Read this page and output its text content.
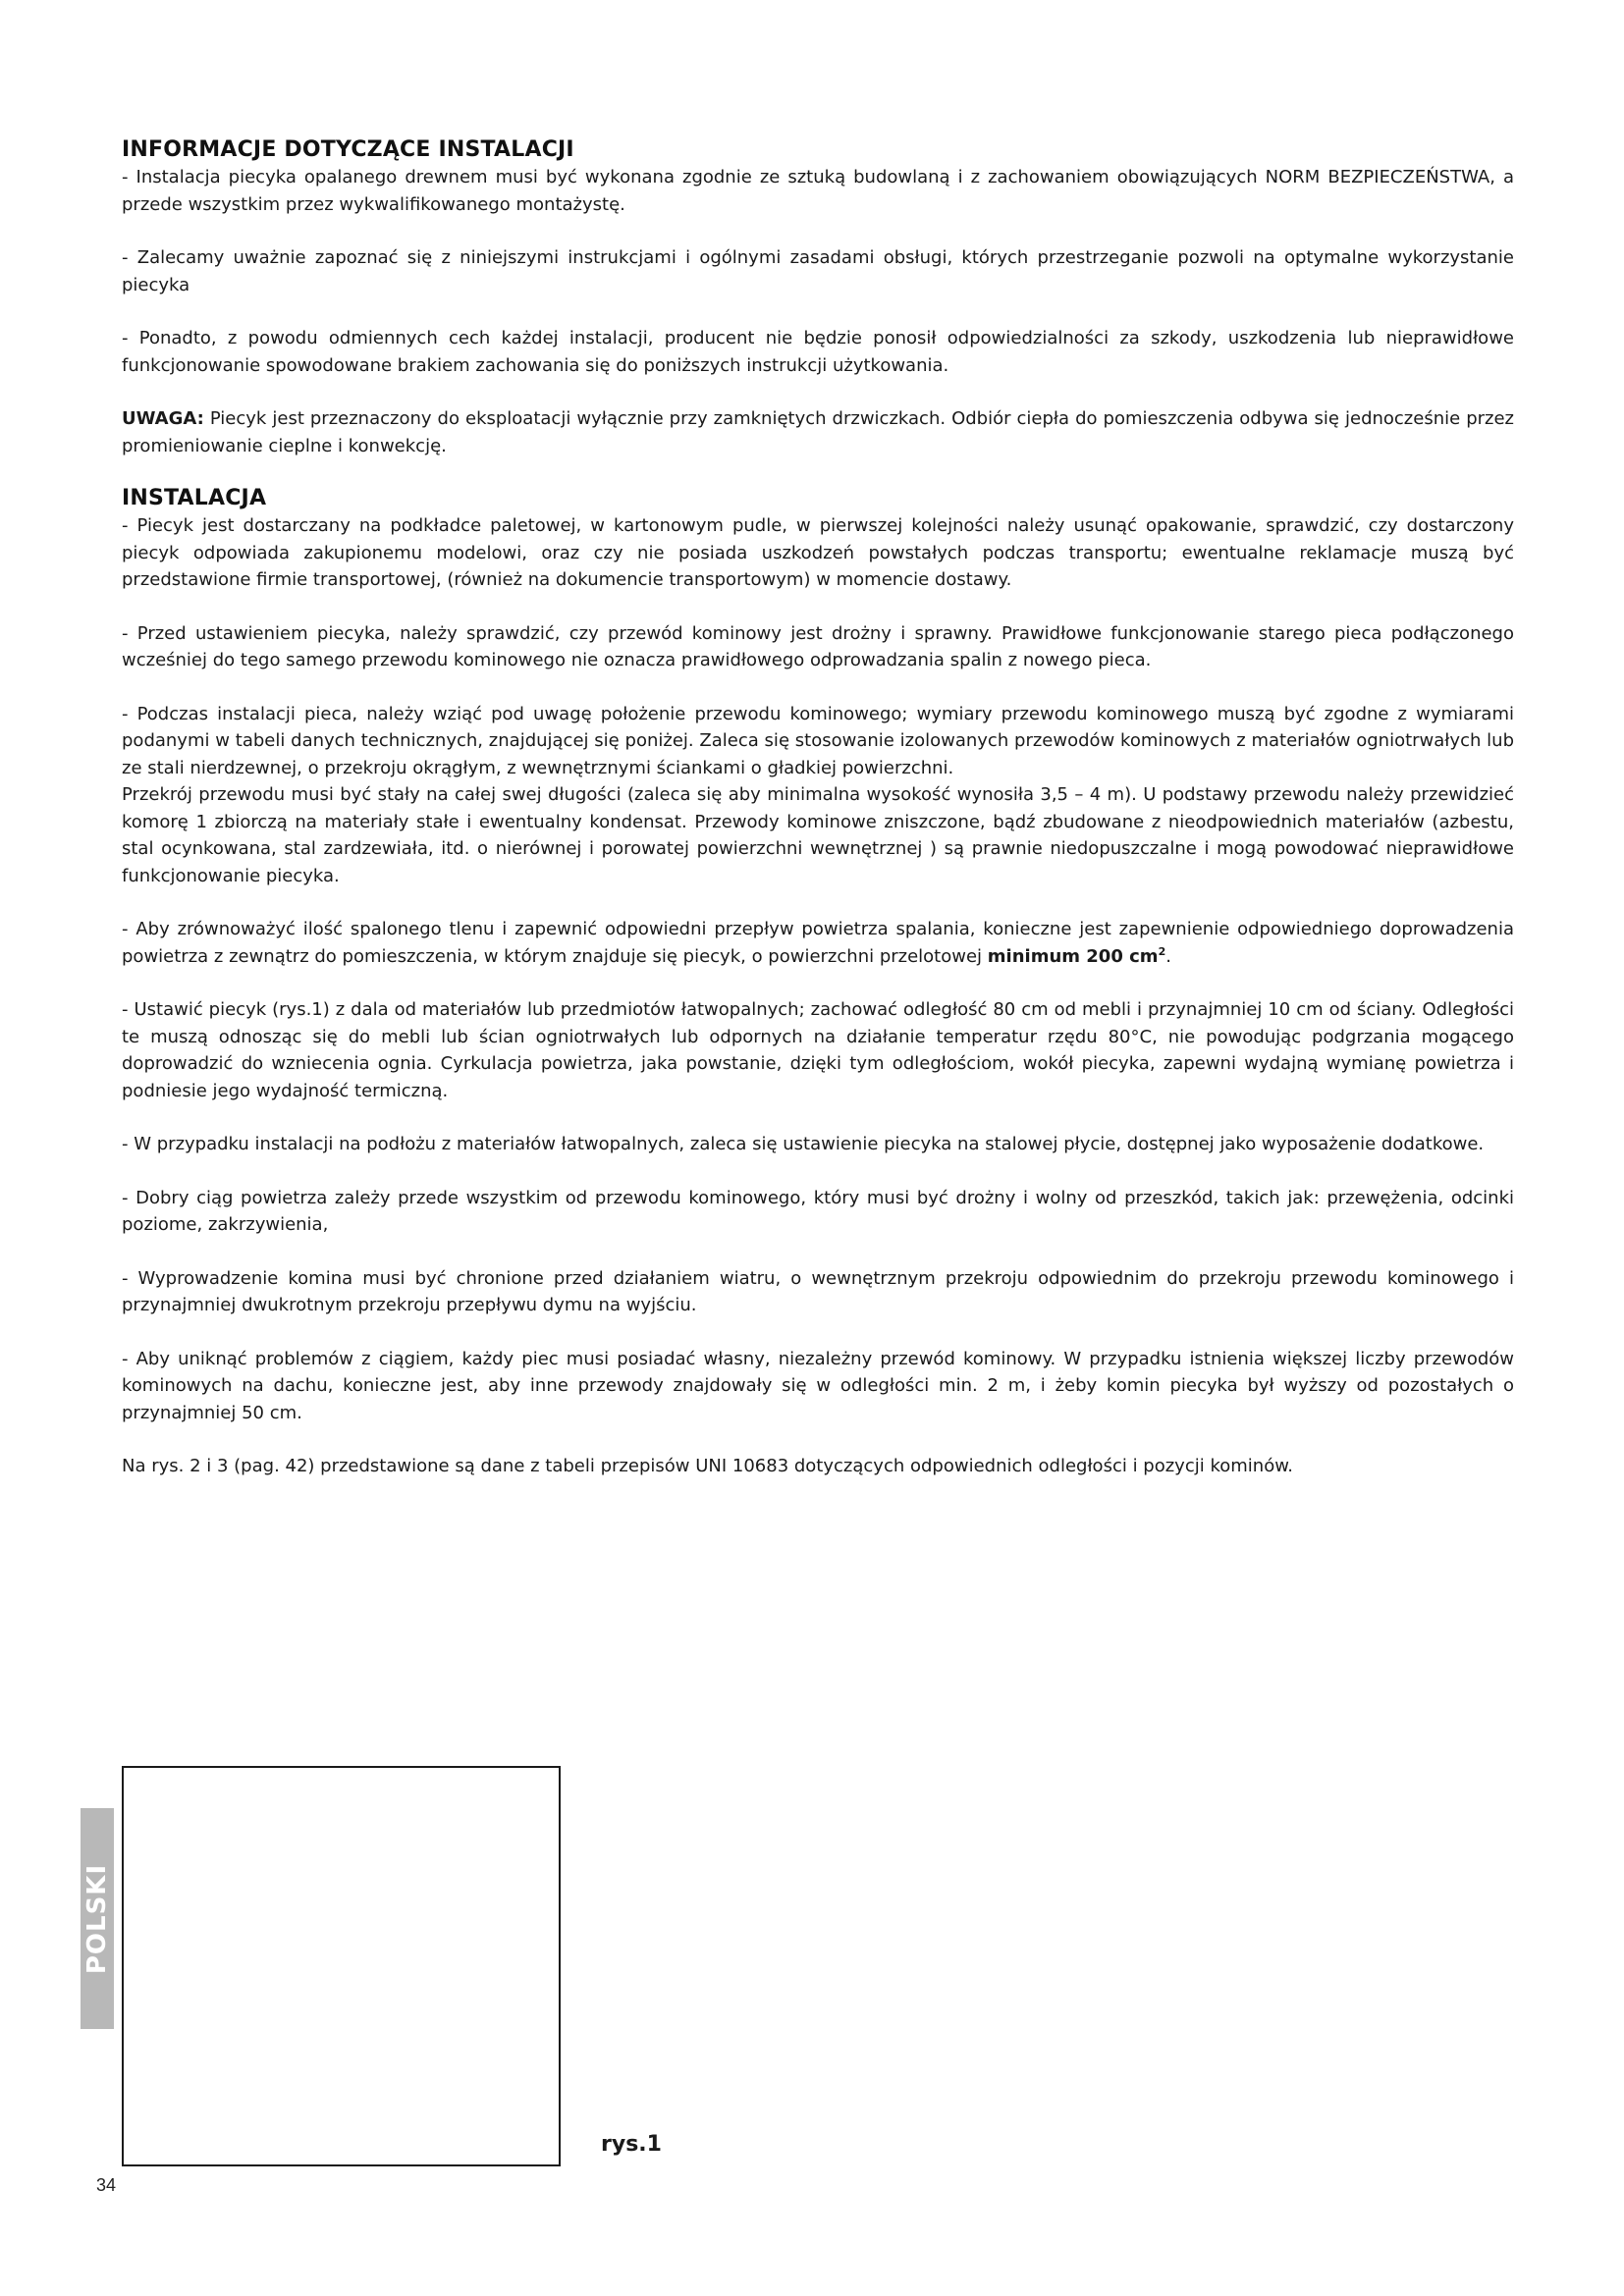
INFORMACJE DOTYCZĄCE INSTALACJI

- Instalacja piecyka opalanego drewnem musi być wykonana zgodnie ze sztuką budowlaną i z zachowaniem obowiązujących NORM BEZPIECZEŃSTWA, a przede wszystkim przez wykwalifikowanego montażystę.

- Zalecamy uważnie zapoznać się z niniejszymi instrukcjami i ogólnymi zasadami obsługi, których przestrzeganie pozwoli na optymalne wykorzystanie piecyka

- Ponadto, z powodu odmiennych cech każdej instalacji, producent nie będzie ponosił odpowiedzialności za szkody, uszkodzenia lub nieprawidłowe funkcjonowanie spowodowane brakiem zachowania się do poniższych instrukcji użytkowania.

UWAGA: Piecyk jest przeznaczony do eksploatacji wyłącznie przy zamkniętych drzwiczkach. Odbiór ciepła do pomieszczenia odbywa się jednocześnie przez promieniowanie cieplne i konwekcję.

INSTALACJA

- Piecyk jest dostarczany na podkładce paletowej, w kartonowym pudle, w pierwszej kolejności należy usunąć opakowanie, sprawdzić, czy dostarczony piecyk odpowiada zakupionemu modelowi, oraz czy nie posiada uszkodzeń powstałych podczas transportu; ewentualne reklamacje muszą być przedstawione firmie transportowej, (również na dokumencie transportowym) w momencie dostawy.

- Przed ustawieniem piecyka, należy sprawdzić, czy przewód kominowy jest drożny i sprawny. Prawidłowe funkcjonowanie starego pieca podłączonego wcześniej do tego samego przewodu kominowego nie oznacza prawidłowego odprowadzania spalin z nowego pieca.

- Podczas instalacji pieca, należy wziąć pod uwagę położenie przewodu kominowego; wymiary przewodu kominowego muszą być zgodne z wymiarami podanymi w tabeli danych technicznych, znajdującej się poniżej. Zaleca się stosowanie izolowanych przewodów kominowych z materiałów ogniotrwałych lub ze stali nierdzewnej, o przekroju okrągłym, z wewnętrznymi ściankami o gładkiej powierzchni.

Przekrój przewodu musi być stały na całej swej długości (zaleca się aby minimalna wysokość wynosiła 3,5 – 4 m). U podstawy przewodu należy przewidzieć komorę 1 zbiorczą na materiały stałe i ewentualny kondensat. Przewody kominowe zniszczone, bądź zbudowane z nieodpowiednich materiałów (azbestu, stal ocynkowana, stal zardzewiała, itd. o nierównej i porowatej powierzchni wewnętrznej ) są prawnie niedopuszczalne i mogą powodować nieprawidłowe funkcjonowanie piecyka.

- Aby zrównoważyć ilość spalonego tlenu i zapewnić odpowiedni przepływ powietrza spalania, konieczne jest zapewnienie odpowiedniego doprowadzenia powietrza z zewnątrz do pomieszczenia, w którym znajduje się piecyk, o powierzchni przelotowej minimum 200 $cm^2$.

- Ustawić piecyk (rys.1) z dala od materiałów lub przedmiotów łatwopalnych; zachować odległość 80 cm od mebli i przynajmniej 10 cm od ściany. Odległości te muszą odnosząc się do mebli lub ścian ogniotrwałych lub odpornych na działanie temperatur rzędu 80°C, nie powodując podgrzania mogącego doprowadzić do wzniecenia ognia. Cyrkulacja powietrza, jaka powstanie, dzięki tym odległościom, wokół piecyka, zapewni wydajną wymianę powietrza i podniesie jego wydajność termiczną.

- W przypadku instalacji na podłożu z materiałów łatwopalnych, zaleca się ustawienie piecyka na stalowej płycie, dostępnej jako wyposażenie dodatkowe.

- Dobry ciąg powietrza zależy przede wszystkim od przewodu kominowego, który musi być drożny i wolny od przeszkód, takich jak: przewężenia, odcinki poziome, zakrzywienia,

- Wyprowadzenie komina musi być chronione przed działaniem wiatru, o wewnętrznym przekroju odpowiednim do przekroju przewodu kominowego i przynajmniej dwukrotnym przekroju przepływu dymu na wyjściu.

- Aby uniknąć problemów z ciągiem, każdy piec musi posiadać własny, niezależny przewód kominowy. W przypadku istnienia większej liczby przewodów kominowych na dachu, konieczne jest, aby inne przewody znajdowały się w odległości min. 2 m, i żeby komin piecyka był wyższy od pozostałych o przynajmniej 50 cm.

Na rys. 2 i 3 (pag. 42) przedstawione są dane z tabeli przepisów UNI 10683 dotyczących odpowiednich odległości i pozycji kominów.

POLSKI
rys.1
34
